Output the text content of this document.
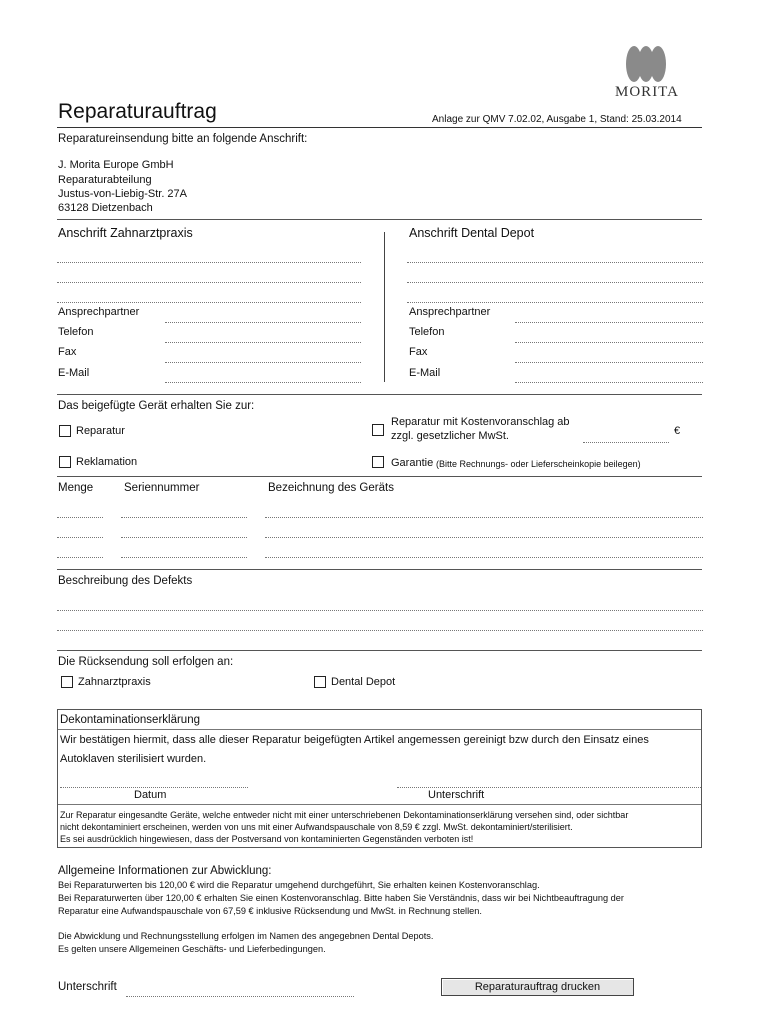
MORITA
Reparaturauftrag	Anlage zur QMV 7.02.02, Ausgabe 1, Stand: 25.03.2014
Reparatureinsendung bitte an folgende Anschrift:
J. Morita Europe GmbH
Reparaturabteilung
Justus-von-Liebig-Str. 27A
63128 Dietzenbach
Anschrift Zahnarztpraxis	Anschrift Dental Depot
Ansprechpartner
Telefon
Fax
E-Mail
Ansprechpartner
Telefon
Fax
E-Mail
Das beigefügte Gerät erhalten Sie zur:
Reparatur
Reparatur mit Kostenvoranschlag ab
zzgl. gesetzlicher MwSt.	€
Reklamation	Garantie (Bitte Rechnungs- oder Lieferscheinkopie beilegen)
Menge	Seriennummer	Bezeichnung des Geräts
Beschreibung des Defekts
Die Rücksendung soll erfolgen an:
Zahnarztpraxis	Dental Depot
Dekontaminationserklärung
Wir bestätigen hiermit, dass alle dieser Reparatur beigefügten Artikel angemessen gereinigt bzw durch den Einsatz eines
Autoklaven sterilisiert wurden.
Datum	Unterschrift
Zur Reparatur eingesandte Geräte, welche entweder nicht mit einer unterschriebenen Dekontaminationserklärung versehen sind, oder sichtbar
nicht dekontaminiert erscheinen, werden von uns mit einer Aufwandspauschale von 8,59 € zzgl. MwSt. dekontaminiert/sterilisiert.
Es sei ausdrücklich hingewiesen, dass der Postversand von kontaminierten Gegenständen verboten ist!
Allgemeine Informationen zur Abwicklung:
Bei Reparaturwerten bis 120,00 € wird die Reparatur umgehend durchgeführt, Sie erhalten keinen Kostenvoranschlag.
Bei Reparaturwerten über 120,00 € erhalten Sie einen Kostenvoranschlag. Bitte haben Sie Verständnis, dass wir bei Nichtbeauftragung der
Reparatur eine Aufwandspauschale von 67,59 € inklusive Rücksendung und MwSt. in Rechnung stellen.
Die Abwicklung und Rechnungsstellung erfolgen im Namen des angegebnen Dental Depots.
Es gelten unsere Allgemeinen Geschäfts- und Lieferbedingungen.
Unterschrift	Reparaturauftrag drucken
